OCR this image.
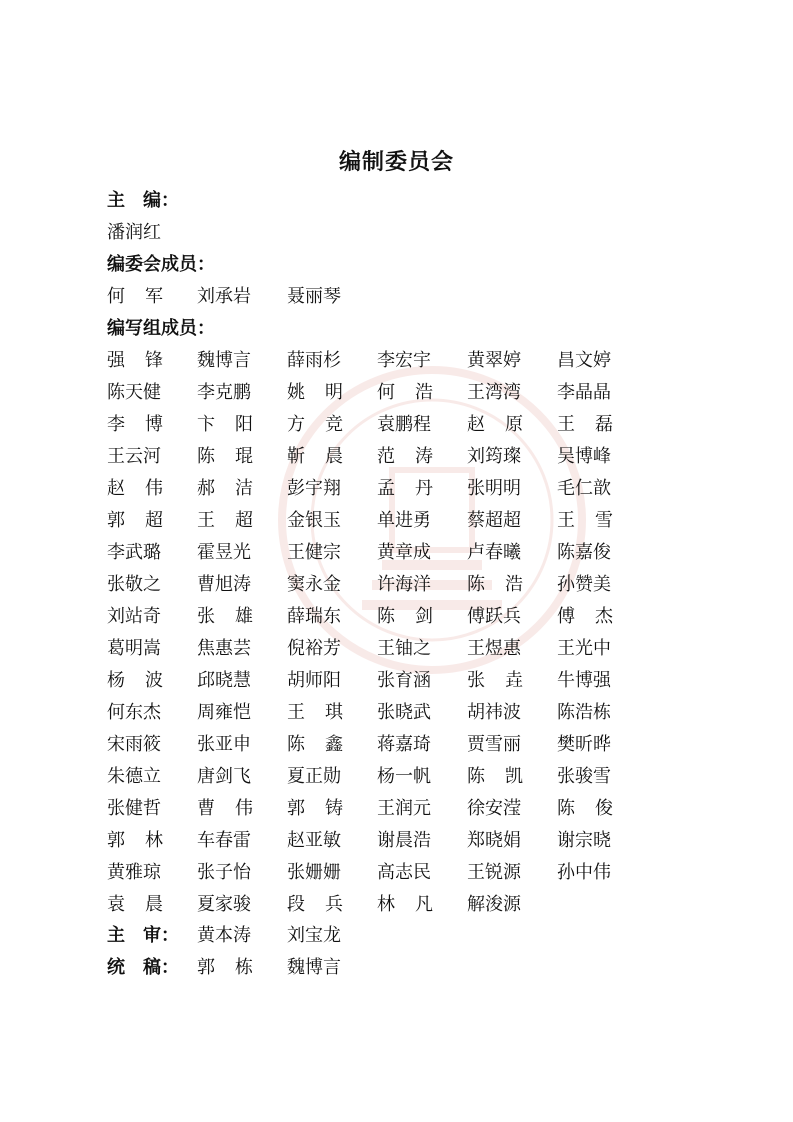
编制委员会
主　编：
潘润红
编委会成员：
何军 刘承岩 聂丽琴
编写组成员：
强锋 魏博言 薛雨杉 李宏宇 黄翠婷 昌文婷
陈天健 李克鹏 姚明 何浩 王湾湾 李晶晶
李博 卞阳 方竞 袁鹏程 赵原 王磊
王云河 陈琨 靳晨 范涛 刘筠璨 吴博峰
赵伟 郝洁 彭宇翔 孟丹 张明明 毛仁歆
郭超 王超 金银玉 单进勇 蔡超超 王雪
李武璐 霍昱光 王健宗 黄章成 卢春曦 陈嘉俊
张敬之 曹旭涛 窦永金 许海洋 陈浩 孙赞美
刘站奇 张雄 薛瑞东 陈剑 傅跃兵 傅杰
葛明嵩 焦惠芸 倪裕芳 王铀之 王煜惠 王光中
杨波 邱晓慧 胡师阳 张育涵 张垚 牛博强
何东杰 周雍恺 王琪 张晓武 胡祎波 陈浩栋
宋雨筱 张亚申 陈鑫 蒋嘉琦 贾雪丽 樊昕晔
朱德立 唐剑飞 夏正勋 杨一帆 陈凯 张骏雪
张健哲 曹伟 郭铸 王润元 徐安滢 陈俊
郭林 车春雷 赵亚敏 谢晨浩 郑晓娟 谢宗晓
黄雅琼 张子怡 张姗姗 高志民 王锐源 孙中伟
袁晨 夏家骏 段兵 林凡 解浚源
主　审： 黄本涛 刘宝龙
统　稿： 郭栋 魏博言
